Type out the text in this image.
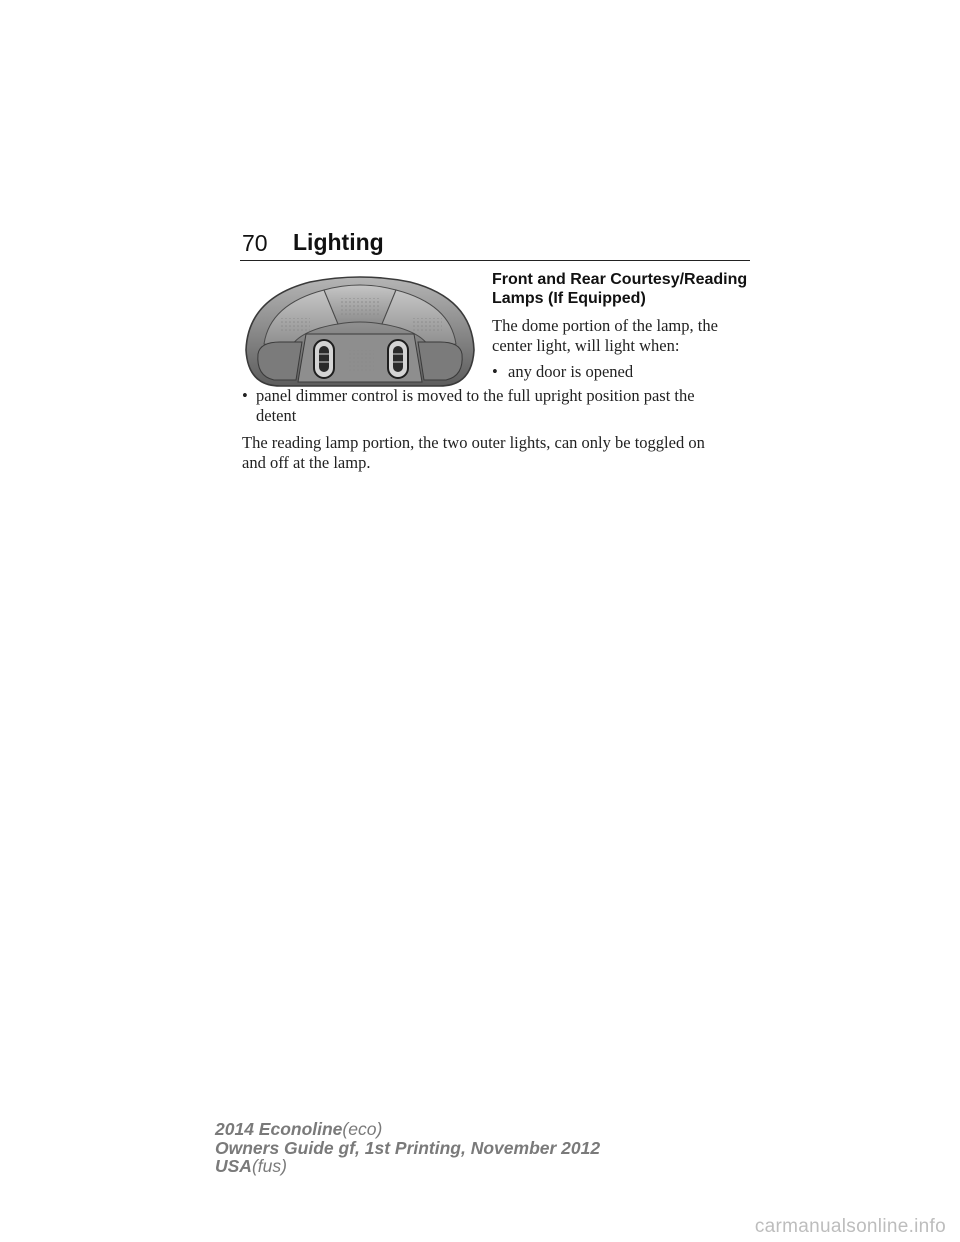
70 Lighting

Front and Rear Courtesy/Reading
Lamps (If Equipped)

The dome portion of the lamp, the
center light, will light when:

• any door is opened
• panel dimmer control is moved to the full upright position past the
detent

The reading lamp portion, the two outer lights, can only be toggled on
and off at the lamp.

2014 Econoline(eco)
Owners Guide gf, 1st Printing, November 2012
USA(fus)
carmanualsonline.info
